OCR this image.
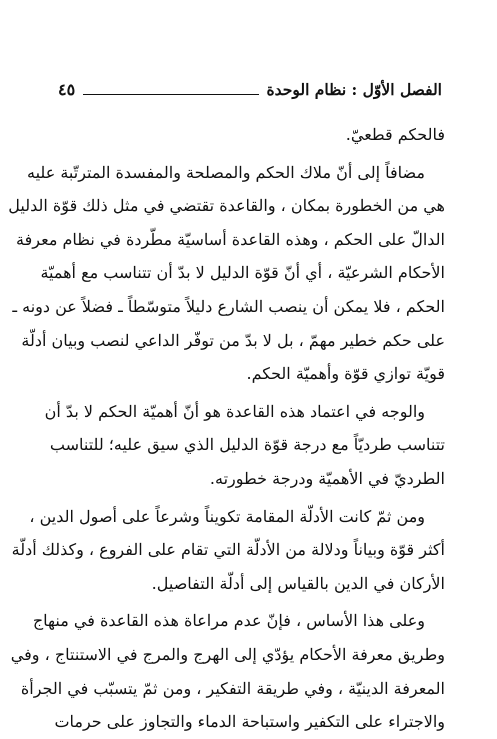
الفصل الأوّل : نظام الوحدة
٤٥
فالحكم قطعيّ.
مضافاً إلى أنّ ملاك الحكم والمصلحة والمفسدة المترتّبة عليه
هي من الخطورة بمكان ، والقاعدة تقتضي في مثل ذلك قوّة الدليل
الدالّ على الحكم ، وهذه القاعدة أساسيّة مطّردة في نظام معرفة
الأحكام الشرعيّة ، أي أنّ قوّة الدليل لا بدّ أن تتناسب مع أهميّة
الحكم ، فلا يمكن أن ينصب الشارع دليلاً متوسّطاً ـ فضلاً عن دونه ـ
على حكم خطير مهمّ ، بل لا بدّ من توفّر الداعي لنصب وبيان أدلّة
قويّة توازي قوّة وأهميّة الحكم.
والوجه في اعتماد هذه القاعدة هو أنّ أهميّة الحكم لا بدّ أن
تتناسب طرديّاً مع درجة قوّة الدليل الذي سيق عليه؛ للتناسب
الطرديّ في الأهميّة ودرجة خطورته.
ومن ثمّ كانت الأدلّة المقامة تكويناً وشرعاً على أصول الدين ،
أكثر قوّة وبياناً ودلالة من الأدلّة التي تقام على الفروع ، وكذلك أدلّة
الأركان في الدين بالقياس إلى أدلّة التفاصيل.
وعلى هذا الأساس ، فإنّ عدم مراعاة هذه القاعدة في منهاج
وطريق معرفة الأحكام يؤدّي إلى الهرج والمرج في الاستنتاج ، وفي
المعرفة الدينيّة ، وفي طريقة التفكير ، ومن ثمّ يتسبّب في الجرأة
والاجتراء على التكفير واستباحة الدماء والتجاوز على حرمات
